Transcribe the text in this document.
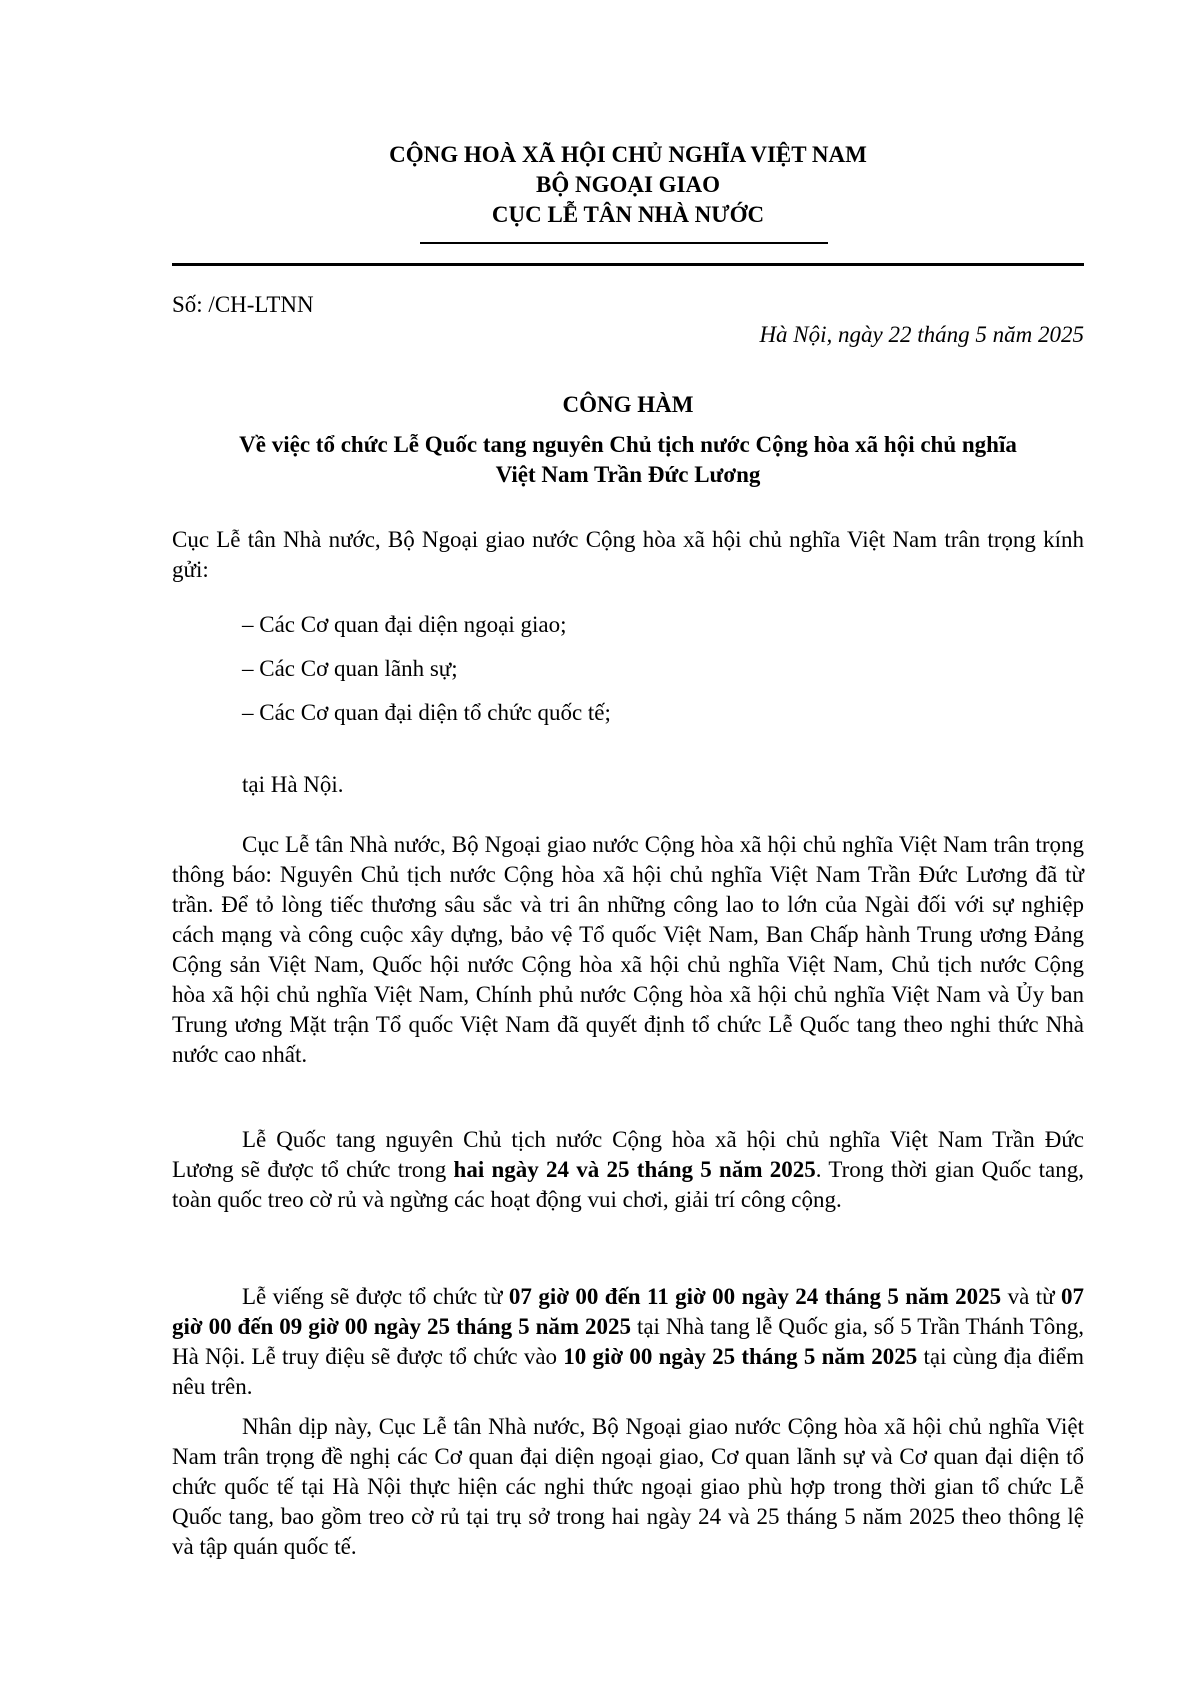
CỘNG HOÀ XÃ HỘI CHỦ NGHĨA VIỆT NAM
BỘ NGOẠI GIAO
CỤC LỄ TÂN NHÀ NƯỚC
Số: /CH-LTNN
Hà Nội, ngày 22 tháng 5 năm 2025
CÔNG HÀM
Về việc tổ chức Lễ Quốc tang nguyên Chủ tịch nước Cộng hòa xã hội chủ nghĩa
Việt Nam Trần Đức Lương
Cục Lễ tân Nhà nước, Bộ Ngoại giao nước Cộng hòa xã hội chủ nghĩa Việt Nam trân trọng kính gửi:
– Các Cơ quan đại diện ngoại giao;
– Các Cơ quan lãnh sự;
– Các Cơ quan đại diện tổ chức quốc tế;
tại Hà Nội.

Cục Lễ tân Nhà nước, Bộ Ngoại giao nước Cộng hòa xã hội chủ nghĩa Việt Nam trân trọng thông báo: Nguyên Chủ tịch nước Cộng hòa xã hội chủ nghĩa Việt Nam Trần Đức Lương đã từ trần. Để tỏ lòng tiếc thương sâu sắc và tri ân những công lao to lớn của Ngài đối với sự nghiệp cách mạng và công cuộc xây dựng, bảo vệ Tổ quốc Việt Nam, Ban Chấp hành Trung ương Đảng Cộng sản Việt Nam, Quốc hội nước Cộng hòa xã hội chủ nghĩa Việt Nam, Chủ tịch nước Cộng hòa xã hội chủ nghĩa Việt Nam, Chính phủ nước Cộng hòa xã hội chủ nghĩa Việt Nam và Ủy ban Trung ương Mặt trận Tổ quốc Việt Nam đã quyết định tổ chức Lễ Quốc tang theo nghi thức Nhà nước cao nhất.

Lễ Quốc tang nguyên Chủ tịch nước Cộng hòa xã hội chủ nghĩa Việt Nam Trần Đức Lương sẽ được tổ chức trong hai ngày 24 và 25 tháng 5 năm 2025. Trong thời gian Quốc tang, toàn quốc treo cờ rủ và ngừng các hoạt động vui chơi, giải trí công cộng.

Lễ viếng sẽ được tổ chức từ 07 giờ 00 đến 11 giờ 00 ngày 24 tháng 5 năm 2025 và từ 07 giờ 00 đến 09 giờ 00 ngày 25 tháng 5 năm 2025 tại Nhà tang lễ Quốc gia, số 5 Trần Thánh Tông, Hà Nội. Lễ truy điệu sẽ được tổ chức vào 10 giờ 00 ngày 25 tháng 5 năm 2025 tại cùng địa điểm nêu trên.

Nhân dịp này, Cục Lễ tân Nhà nước, Bộ Ngoại giao nước Cộng hòa xã hội chủ nghĩa Việt Nam trân trọng đề nghị các Cơ quan đại diện ngoại giao, Cơ quan lãnh sự và Cơ quan đại diện tổ chức quốc tế tại Hà Nội thực hiện các nghi thức ngoại giao phù hợp trong thời gian tổ chức Lễ Quốc tang, bao gồm treo cờ rủ tại trụ sở trong hai ngày 24 và 25 tháng 5 năm 2025 theo thông lệ và tập quán quốc tế.
